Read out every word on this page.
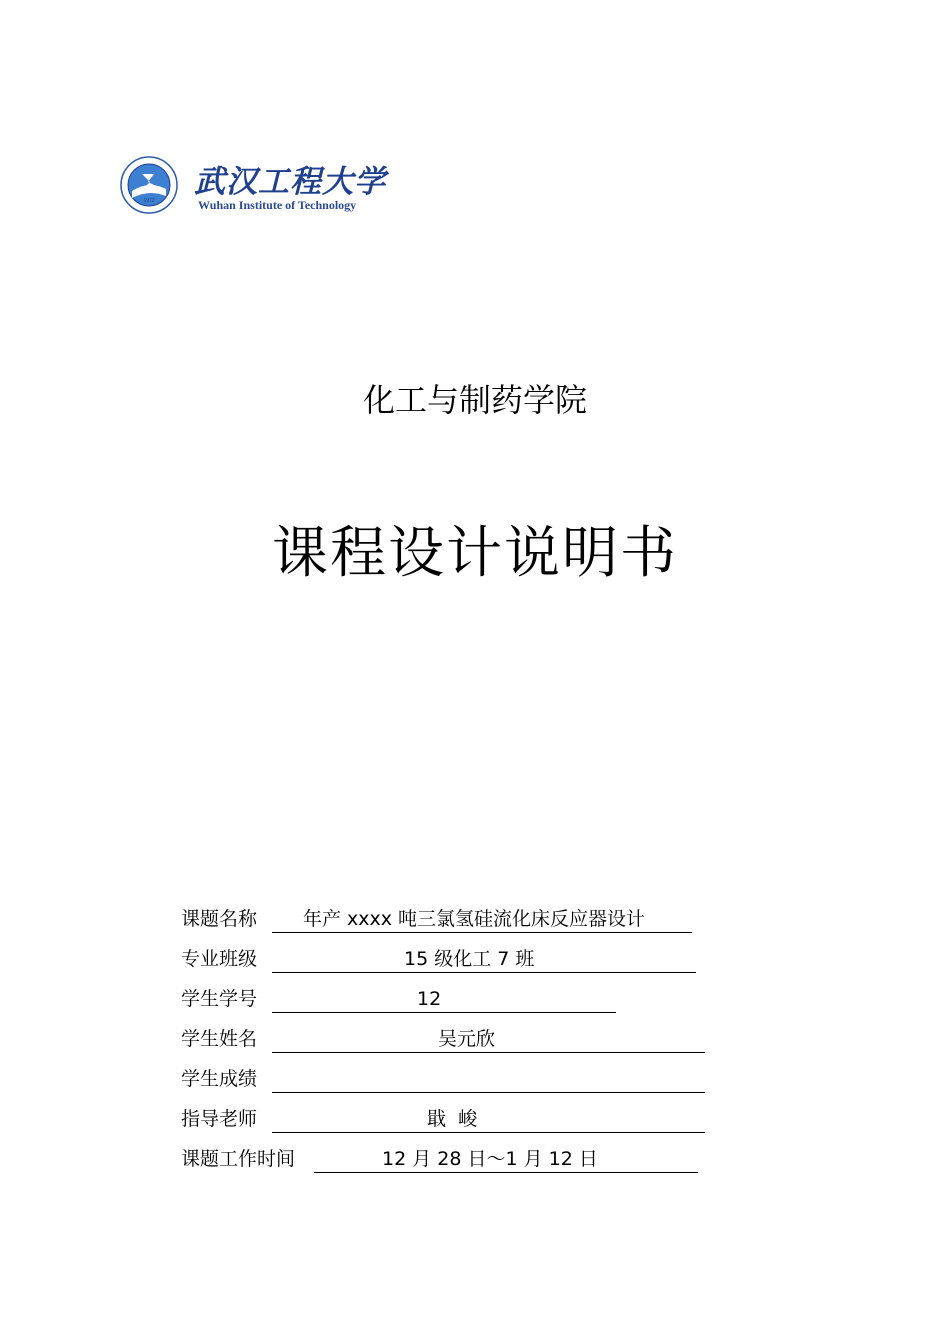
1972
武汉工程大学
Wuhan Institute of Technology
化工与制药学院
课程设计说明书
课题名称 年产 xxxx 吨三氯氢硅流化床反应器设计
专业班级	15 级化工 7 班
学生学号	12
学生姓名	吴元欣
学生成绩
指导老师	戢  峻
课题工作时间	12 月 28 日～1 月 12 日
